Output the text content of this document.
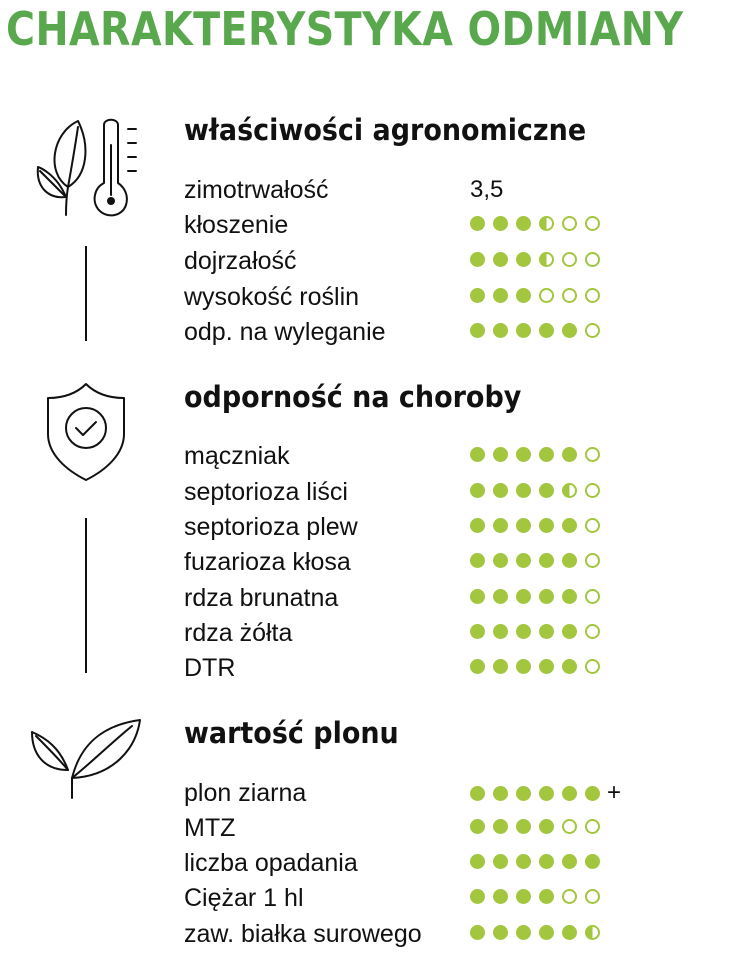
CHARAKTERYSTYKA ODMIANY
właściwości agronomiczne
zimotrwałość	3,5
kłoszenie
dojrzałość
wysokość roślin
odp. na wyleganie
odporność na choroby
mączniak
septorioza liści
septorioza plew
fuzarioza kłosa
rdza brunatna
rdza żółta
DTR
wartość plonu
plon ziarna	+
MTZ
liczba opadania
Ciężar 1 hl
zaw. białka surowego
